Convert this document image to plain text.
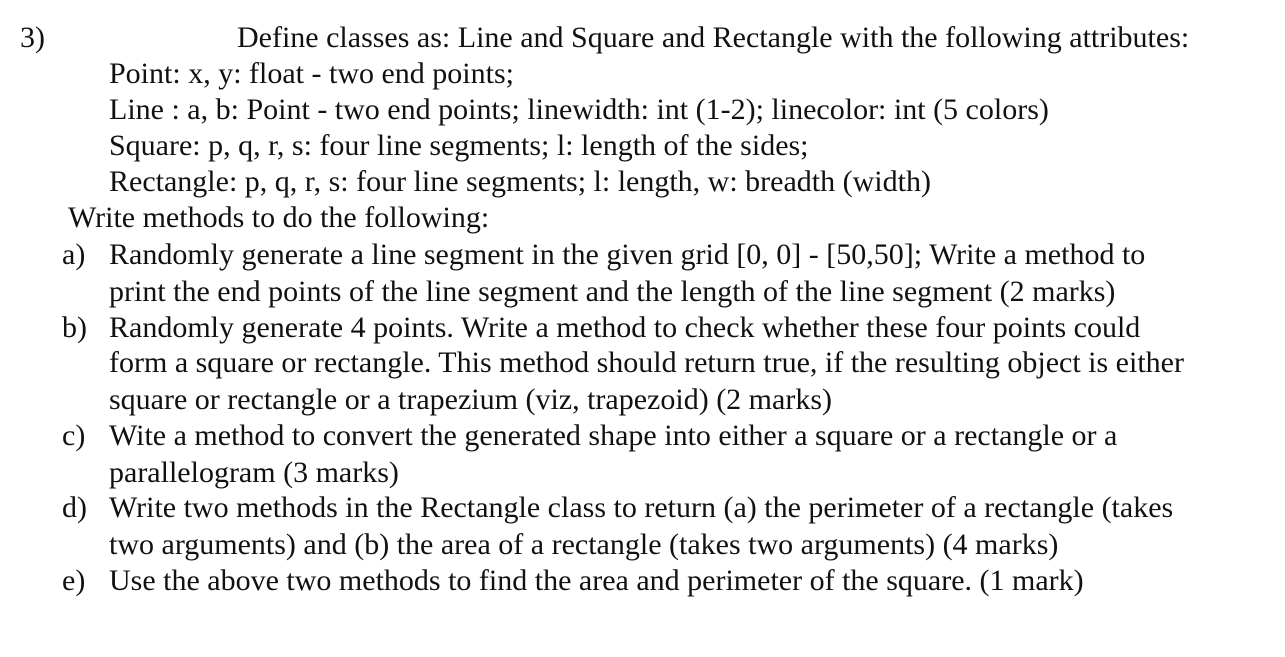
3)	Define classes as: Line and Square and Rectangle with the following attributes:
Point: x, y: float - two end points;
Line : a, b: Point - two end points; linewidth: int (1-2); linecolor: int (5 colors)
Square: p, q, r, s: four line segments; l: length of the sides;
Rectangle: p, q, r, s: four line segments; l: length, w: breadth (width)
Write methods to do the following:
a) Randomly generate a line segment in the given grid [0, 0] - [50,50]; Write a method to
print the end points of the line segment and the length of the line segment (2 marks)
b) Randomly generate 4 points. Write a method to check whether these four points could
form a square or rectangle. This method should return true, if the resulting object is either
square or rectangle or a trapezium (viz, trapezoid) (2 marks)
c) Wite a method to convert the generated shape into either a square or a rectangle or a
parallelogram (3 marks)
d) Write two methods in the Rectangle class to return (a) the perimeter of a rectangle (takes
two arguments) and (b) the area of a rectangle (takes two arguments) (4 marks)
e) Use the above two methods to find the area and perimeter of the square. (1 mark)
